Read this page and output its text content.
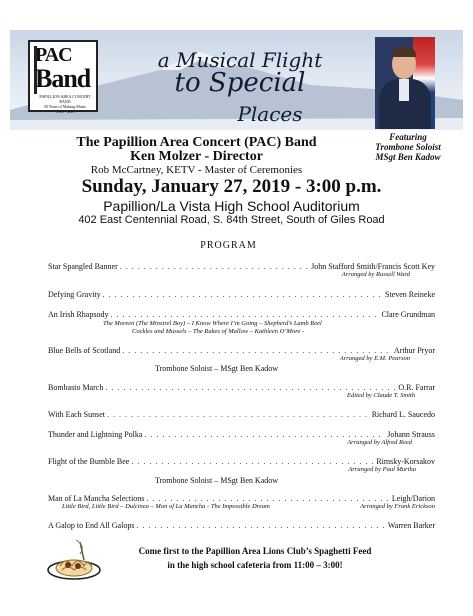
PAC
Band
PAPILLION AREA CONCERT BAND
30 Years of Making Music
1986 - 2016
a Musical Flight
to Special
Places
Featuring
Trombone Soloist
MSgt Ben Kadow
The Papillion Area Concert (PAC) Band
Ken Molzer - Director
Rob McCartney, KETV - Master of Ceremonies
Sunday, January 27, 2019 - 3:00 p.m.
Papillion/La Vista High School Auditorium
402 East Centennial Road, S. 84th Street, South of Giles Road
PROGRAM
Star Spangled Banner . . .	John Stafford Smith/Francis Scott Key
Arranged by Russell Ward
Defying Gravity . . .	Steven Reineke
An Irish Rhapsody . . .	Clare Grundman
The Moreen (The Minstrel Boy) – I Know Where I’m Going – Shepherd’s Lamb Reel
Cockles and Mussels – The Rakes of Mallow – Kathleen O’More -
Blue Bells of Scotland . . .	Arthur Pryor
Arranged by E.M. Pearson
Trombone Soloist – MSgt Ben Kadow
Bombasto March . . .	O.R. Farrar
Edited by Claude T. Smith
With Each Sunset . . .	Richard L. Saucedo
Thunder and Lightning Polka . . .	Johann Strauss
Arranged by Alfred Reed
Flight of the Bumble Bee . . .	Rimsky-Korsakov
Arranged by Paul Murtha
Trombone Soloist – MSgt Ben Kadow
Man of La Mancha Selections . . .	Leigh/Darion
Little Bird, Little Bird – Dulcinea – Man of La Mancha - The Impossible Dream	Arranged by Frank Erickson
A Galop to End All Galops . . .	Warren Barker
Come first to the Papillion Area Lions Club’s Spaghetti Feed
in the high school cafeteria from 11:00 – 3:00!
